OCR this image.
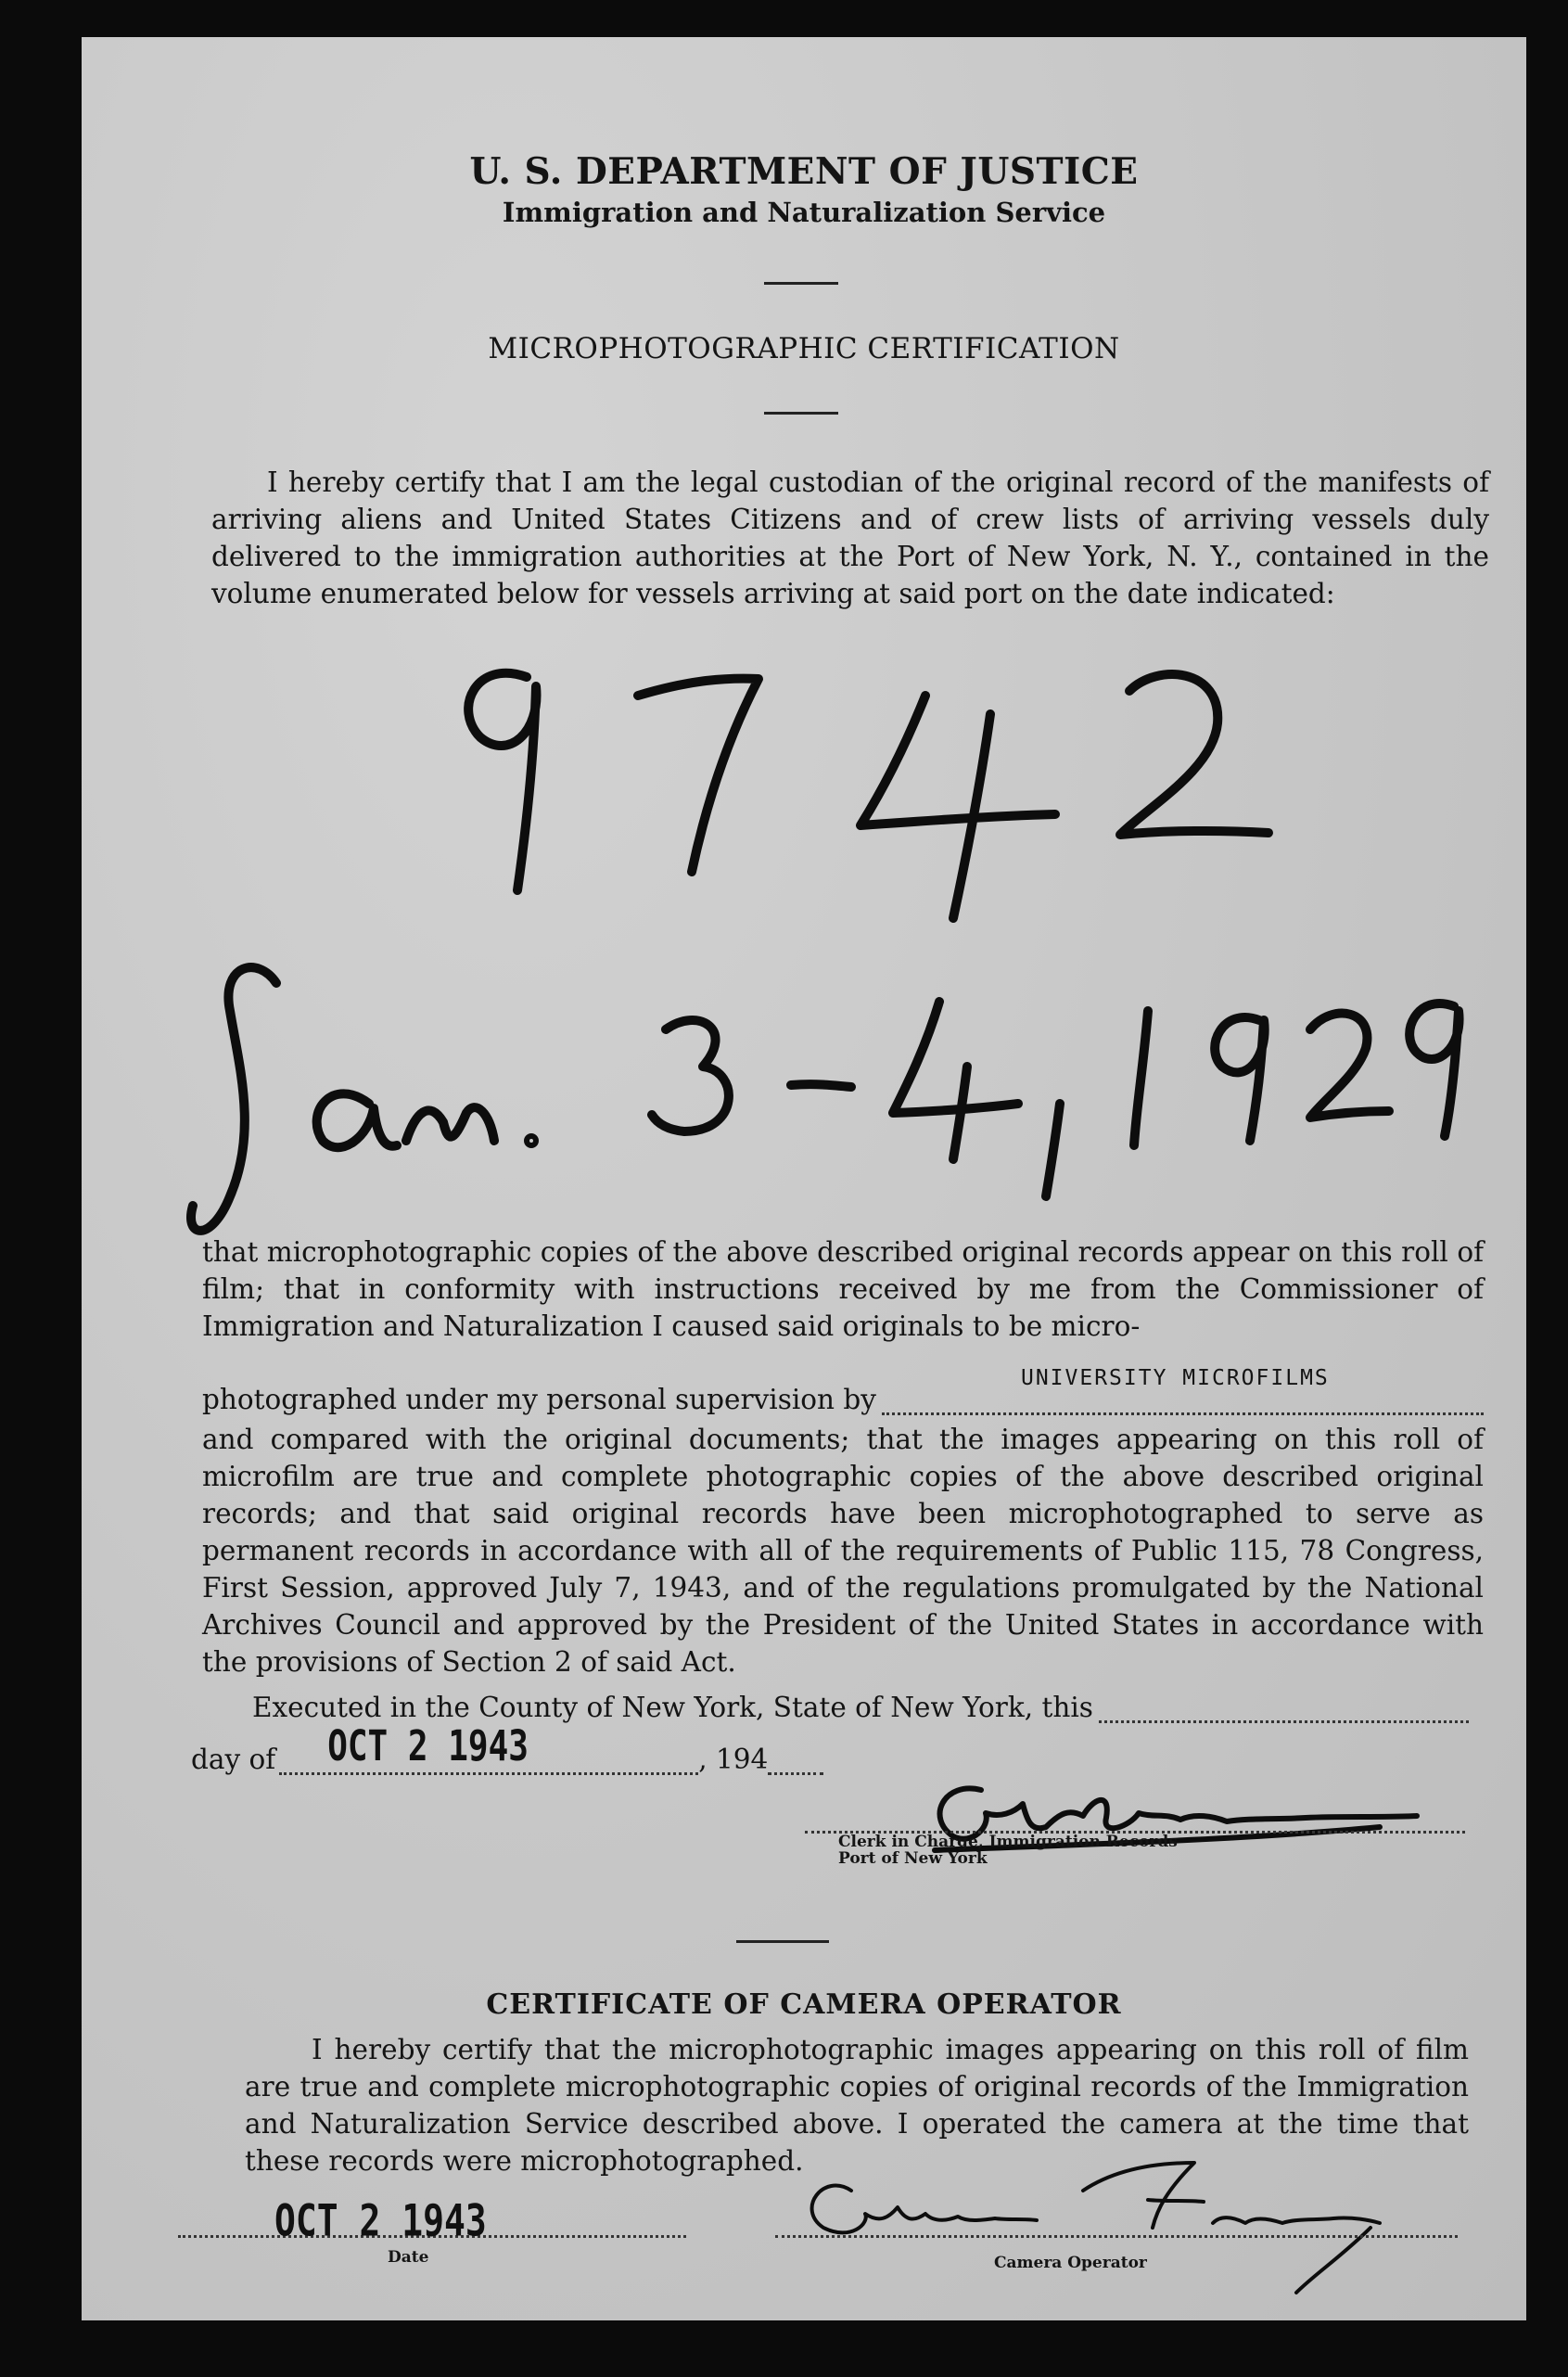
U. S. DEPARTMENT OF JUSTICE
Immigration and Naturalization Service
MICROPHOTOGRAPHIC CERTIFICATION
I hereby certify that I am the legal custodian of the original record of the manifests of arriving aliens and United States Citizens and of crew lists of arriving vessels duly delivered to the immigration authorities at the Port of New York, N. Y., contained in the volume enumerated below for vessels arriving at said port on the date indicated:
that microphotographic copies of the above described original records appear on this roll of film; that in conformity with instructions received by me from the Commissioner of Immigration and Naturalization I caused said originals to be micro-
photographed under my personal supervision by
UNIVERSITY MICROFILMS
and compared with the original documents; that the images appearing on this roll of microfilm are true and complete photographic copies of the above described original records; and that said original records have been microphotographed to serve as permanent records in accordance with all of the requirements of Public 115, 78 Congress, First Session, approved July 7, 1943, and of the regulations promulgated by the National Archives Council and approved by the President of the United States in accordance with the provisions of Section 2 of said Act.
Executed in the County of New York, State of New York, this
day of OCT 2 1943	, 194
Clerk in Charge, Immigration Records
Port of New York
CERTIFICATE OF CAMERA OPERATOR
I hereby certify that the microphotographic images appearing on this roll of film are true and complete microphotographic copies of original records of the Immigration and Naturalization Service described above. I operated the camera at the time that these records were microphotographed.
OCT 2 1943
Date	Camera Operator
